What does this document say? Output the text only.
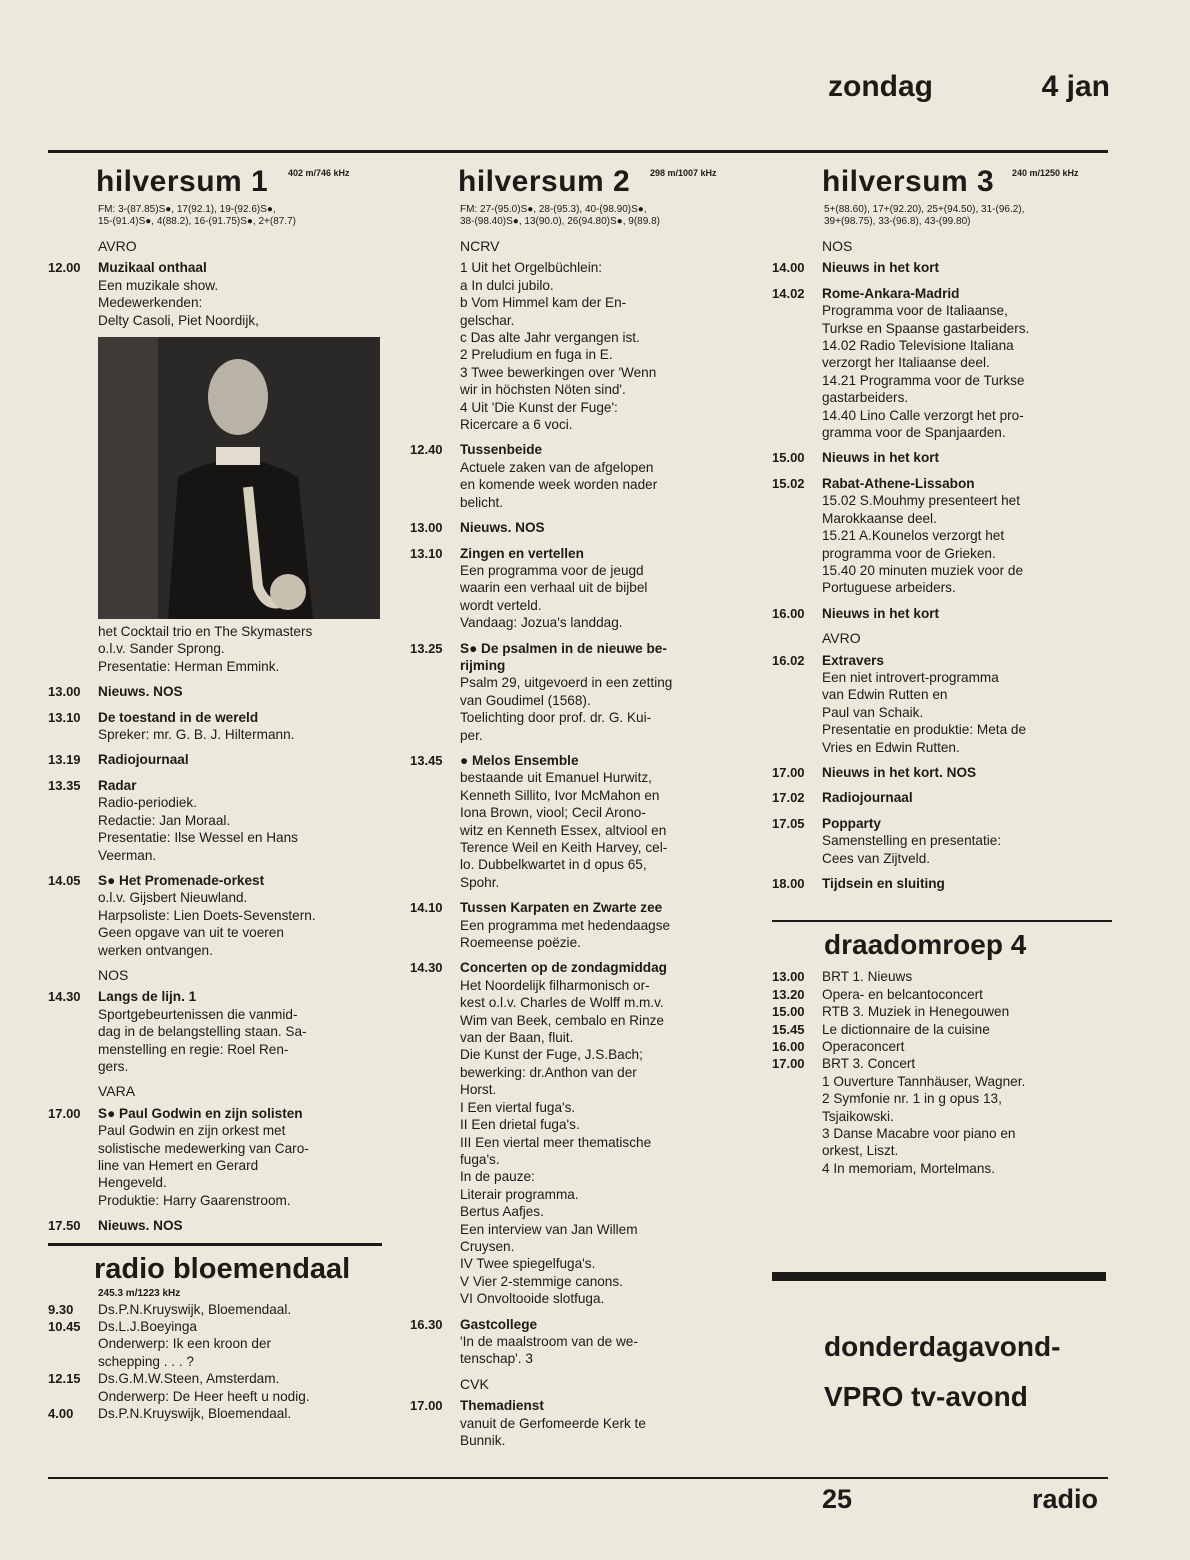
zondag	4 jan
hilversum 1 402 m/746 kHz
FM: 3-(87.85)S●, 17(92.1), 19-(92.6)S●,
15-(91.4)S●, 4(88.2), 16-(91.75)S●, 2+(87.7)
AVRO
12.00	Muzikaal onthaal
Een muzikale show.
Medewerkenden:
Delty Casoli, Piet Noordijk,
het Cocktail trio en The Skymasters
o.l.v. Sander Sprong.
Presentatie: Herman Emmink.
13.00	Nieuws. NOS
13.10	De toestand in de wereld
Spreker: mr. G. B. J. Hiltermann.
13.19	Radiojournaal
13.35	Radar
Radio-periodiek.
Redactie: Jan Moraal.
Presentatie: Ilse Wessel en Hans
Veerman.
14.05	S● Het Promenade-orkest
o.l.v. Gijsbert Nieuwland.
Harpsoliste: Lien Doets-Sevenstern.
Geen opgave van uit te voeren
werken ontvangen.
NOS
14.30	Langs de lijn. 1
Sportgebeurtenissen die vanmid-
dag in de belangstelling staan. Sa-
menstelling en regie: Roel Ren-
gers.
VARA
17.00	S● Paul Godwin en zijn solisten
Paul Godwin en zijn orkest met
solistische medewerking van Caro-
line van Hemert en Gerard
Hengeveld.
Produktie: Harry Gaarenstroom.
17.50	Nieuws. NOS
radio bloemendaal
245.3 m/1223 kHz
9.30	Ds.P.N.Kruyswijk, Bloemendaal.
10.45	Ds.L.J.Boeyinga
Onderwerp: Ik een kroon der
schepping . . . ?
12.15	Ds.G.M.W.Steen, Amsterdam.
Onderwerp: De Heer heeft u nodig.
4.00	Ds.P.N.Kruyswijk, Bloemendaal.
hilversum 2 298 m/1007 kHz
FM: 27-(95.0)S●, 28-(95.3), 40-(98.90)S●,
38-(98.40)S●, 13(90.0), 26(94.80)S●, 9(89.8)
NCRV
1 Uit het Orgelbüchlein:
a In dulci jubilo.
b Vom Himmel kam der En-
gelschar.
c Das alte Jahr vergangen ist.
2 Preludium en fuga in E.
3 Twee bewerkingen over 'Wenn
wir in höchsten Nöten sind'.
4 Uit 'Die Kunst der Fuge':
Ricercare a 6 voci.
12.40	Tussenbeide
Actuele zaken van de afgelopen
en komende week worden nader
belicht.
13.00	Nieuws. NOS
13.10	Zingen en vertellen
Een programma voor de jeugd
waarin een verhaal uit de bijbel
wordt verteld.
Vandaag: Jozua's landdag.
13.25	S● De psalmen in de nieuwe be-
rijming
Psalm 29, uitgevoerd in een zetting
van Goudimel (1568).
Toelichting door prof. dr. G. Kui-
per.
13.45	● Melos Ensemble
bestaande uit Emanuel Hurwitz,
Kenneth Sillito, Ivor McMahon en
Iona Brown, viool; Cecil Arono-
witz en Kenneth Essex, altviool en
Terence Weil en Keith Harvey, cel-
lo. Dubbelkwartet in d opus 65,
Spohr.
14.10	Tussen Karpaten en Zwarte zee
Een programma met hedendaagse
Roemeense poëzie.
14.30	Concerten op de zondagmiddag
Het Noordelijk filharmonisch or-
kest o.l.v. Charles de Wolff m.m.v.
Wim van Beek, cembalo en Rinze
van der Baan, fluit.
Die Kunst der Fuge, J.S.Bach;
bewerking: dr.Anthon van der
Horst.
I Een viertal fuga's.
II Een drietal fuga's.
III Een viertal meer thematische
fuga's.
In de pauze:
Literair programma.
Bertus Aafjes.
Een interview van Jan Willem
Cruysen.
IV Twee spiegelfuga's.
V Vier 2-stemmige canons.
VI Onvoltooide slotfuga.
16.30	Gastcollege
'In de maalstroom van de we-
tenschap'. 3
CVK
17.00	Themadienst
vanuit de Gerfomeerde Kerk te
Bunnik.
hilversum 3 240 m/1250 kHz
5+(88.60), 17+(92.20), 25+(94.50), 31-(96.2),
39+(98.75), 33-(96.8), 43-(99.80)
NOS
14.00	Nieuws in het kort
14.02	Rome-Ankara-Madrid
Programma voor de Italiaanse,
Turkse en Spaanse gastarbeiders.
14.02 Radio Televisione Italiana
verzorgt her Italiaanse deel.
14.21 Programma voor de Turkse
gastarbeiders.
14.40 Lino Calle verzorgt het pro-
gramma voor de Spanjaarden.
15.00	Nieuws in het kort
15.02	Rabat-Athene-Lissabon
15.02 S.Mouhmy presenteert het
Marokkaanse deel.
15.21 A.Kounelos verzorgt het
programma voor de Grieken.
15.40 20 minuten muziek voor de
Portuguese arbeiders.
16.00	Nieuws in het kort
AVRO
16.02	Extravers
Een niet introvert-programma
van Edwin Rutten en
Paul van Schaik.
Presentatie en produktie: Meta de
Vries en Edwin Rutten.
17.00	Nieuws in het kort. NOS
17.02	Radiojournaal
17.05	Popparty
Samenstelling en presentatie:
Cees van Zijtveld.
18.00	Tijdsein en sluiting
draadomroep 4
13.00	BRT 1. Nieuws
13.20	Opera- en belcantoconcert
15.00	RTB 3. Muziek in Henegouwen
15.45	Le dictionnaire de la cuisine
16.00	Operaconcert
17.00	BRT 3. Concert
1 Ouverture Tannhäuser, Wagner.
2 Symfonie nr. 1 in g opus 13,
Tsjaikowski.
3 Danse Macabre voor piano en
orkest, Liszt.
4 In memoriam, Mortelmans.
donderdagavond-
VPRO tv-avond
25	radio
